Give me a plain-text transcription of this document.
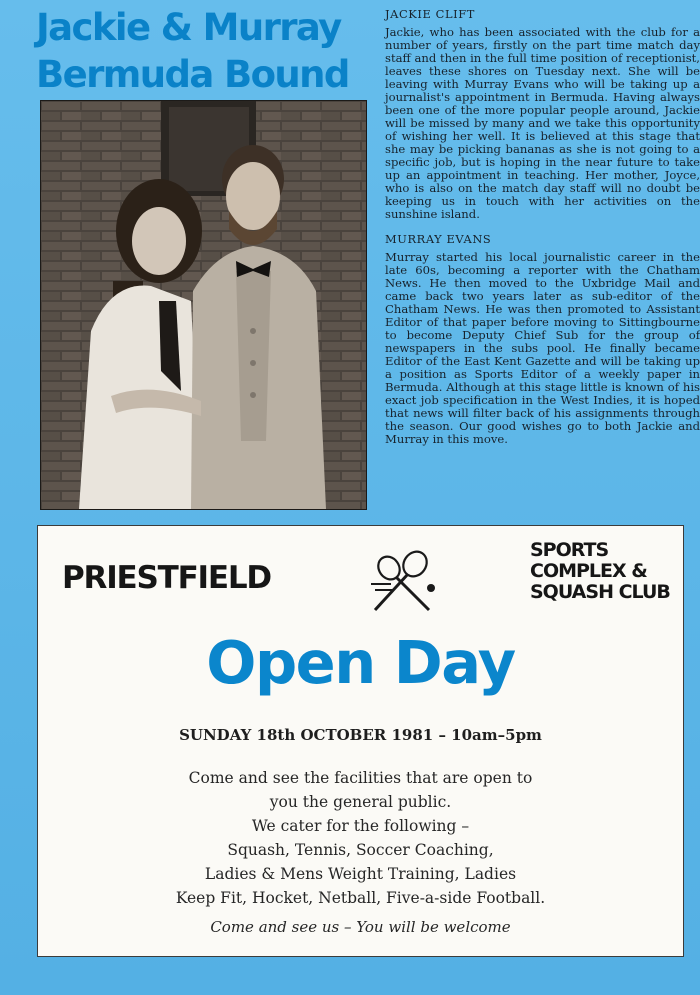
Jackie & Murray
Bermuda Bound
JACKIE CLIFT

Jackie, who has been associated with the club for a number of years, firstly on the part time match day staff and then in the full time position of receptionist, leaves these shores on Tuesday next. She will be leaving with Murray Evans who will be taking up a journalist's appointment in Bermuda. Having always been one of the more popular people around, Jackie will be missed by many and we take this opportunity of wishing her well. It is believed at this stage that she may be picking bananas as she is not going to a specific job, but is hoping in the near future to take up an appointment in teaching. Her mother, Joyce, who is also on the match day staff will no doubt be keeping us in touch with her activities on the sunshine island.

MURRAY EVANS

Murray started his local journalistic career in the late 60s, becoming a reporter with the Chatham News. He then moved to the Uxbridge Mail and came back two years later as sub-editor of the Chatham News. He was then promoted to Assistant Editor of that paper before moving to Sittingbourne to become Deputy Chief Sub for the group of newspapers in the subs pool. He finally became Editor of the East Kent Gazette and will be taking up a position as Sports Editor of a weekly paper in Bermuda. Although at this stage little is known of his exact job specification in the West Indies, it is hoped that news will filter back of his assignments through the season. Our good wishes go to both Jackie and Murray in this move.

PRIESTFIELD
SPORTS
COMPLEX &
SQUASH CLUB
Open Day
SUNDAY 18th OCTOBER 1981 – 10am–5pm
Come and see the facilities that are open to
you the general public.
We cater for the following –
Squash, Tennis, Soccer Coaching,
Ladies & Mens Weight Training, Ladies
Keep Fit, Hocket, Netball, Five-a-side Football.
Come and see us – You will be welcome
